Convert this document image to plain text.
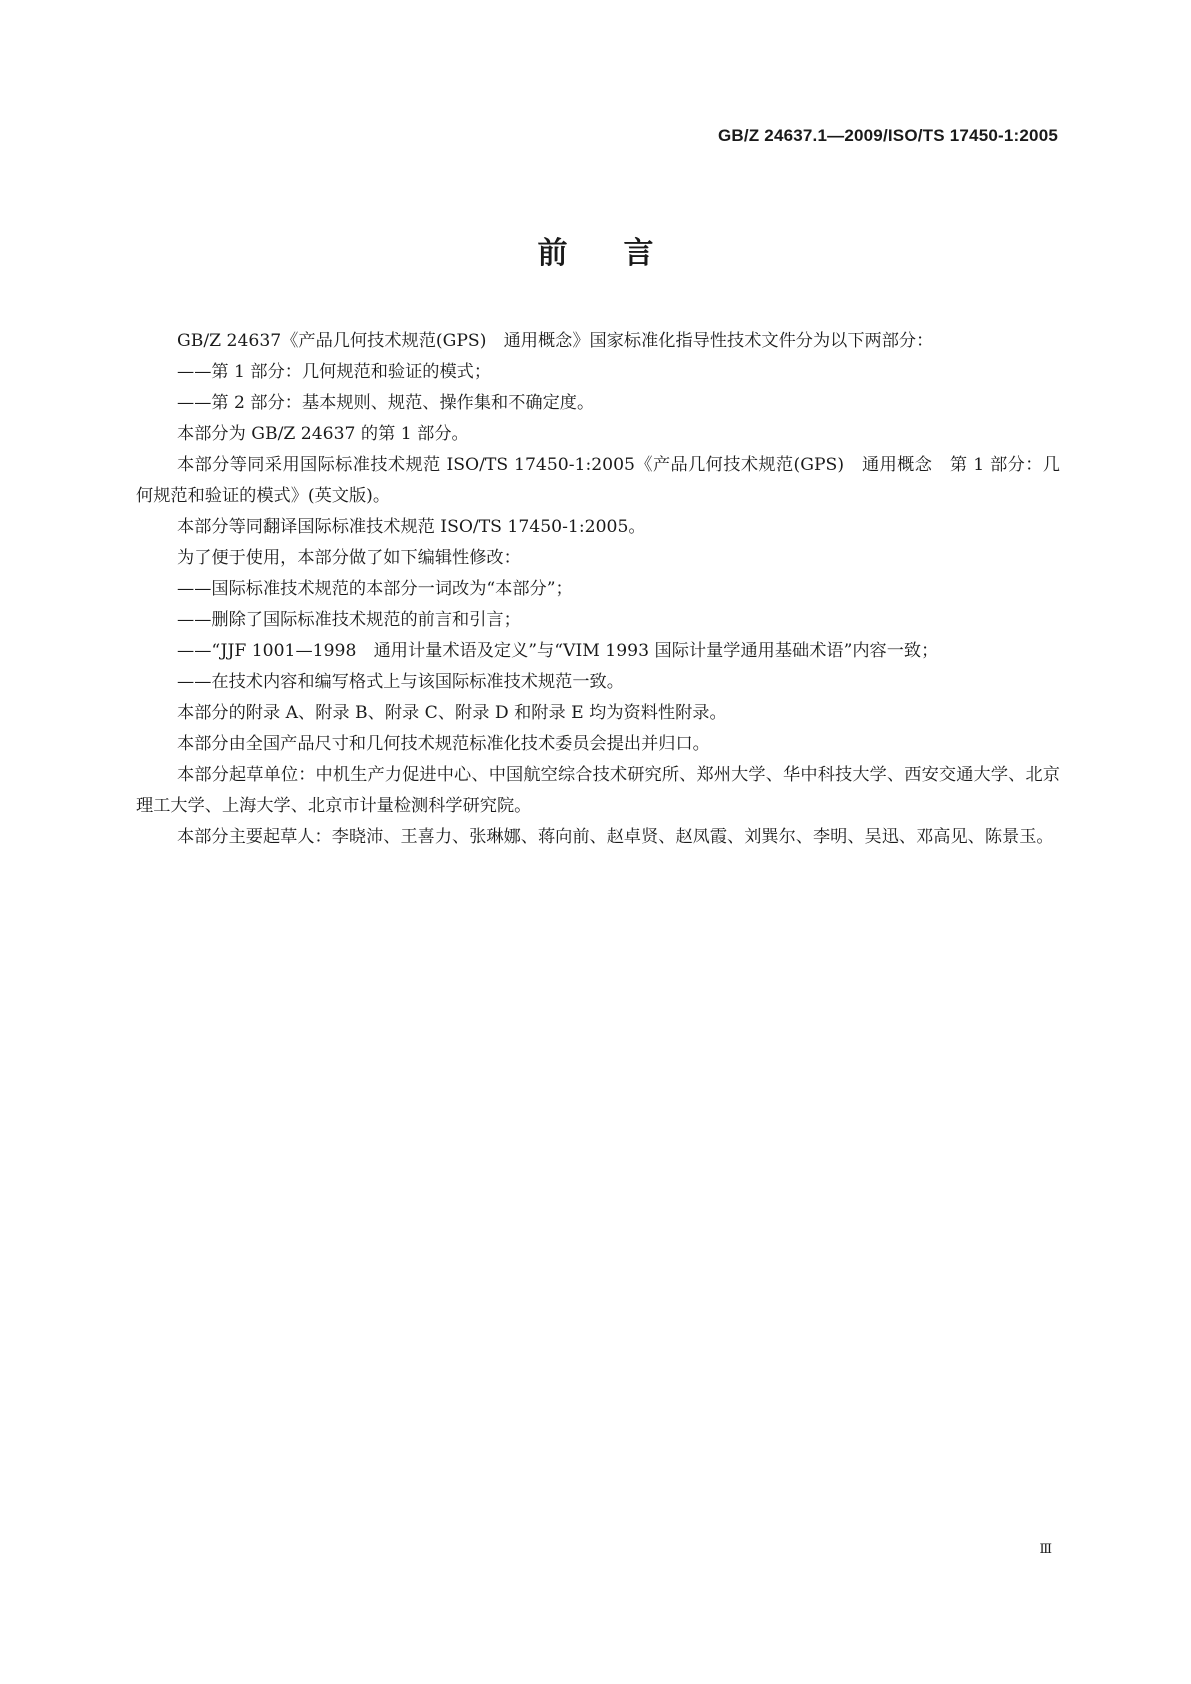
GB/Z 24637.1—2009/ISO/TS 17450-1:2005
前言

GB/Z 24637《产品几何技术规范(GPS)　通用概念》国家标准化指导性技术文件分为以下两部分：

——第 1 部分：几何规范和验证的模式；

——第 2 部分：基本规则、规范、操作集和不确定度。

本部分为 GB/Z 24637 的第 1 部分。

本部分等同采用国际标准技术规范 ISO/TS 17450-1:2005《产品几何技术规范(GPS)　通用概念　第 1 部分：几何规范和验证的模式》(英文版)。

本部分等同翻译国际标准技术规范 ISO/TS 17450-1:2005。

为了便于使用，本部分做了如下编辑性修改：

——国际标准技术规范的本部分一词改为“本部分”；

——删除了国际标准技术规范的前言和引言；

——“JJF 1001—1998　通用计量术语及定义”与“VIM 1993 国际计量学通用基础术语”内容一致；

——在技术内容和编写格式上与该国际标准技术规范一致。

本部分的附录 A、附录 B、附录 C、附录 D 和附录 E 均为资料性附录。

本部分由全国产品尺寸和几何技术规范标准化技术委员会提出并归口。

本部分起草单位：中机生产力促进中心、中国航空综合技术研究所、郑州大学、华中科技大学、西安交通大学、北京理工大学、上海大学、北京市计量检测科学研究院。

本部分主要起草人：李晓沛、王喜力、张琳娜、蒋向前、赵卓贤、赵凤霞、刘巽尔、李明、吴迅、邓高见、陈景玉。

Ⅲ
